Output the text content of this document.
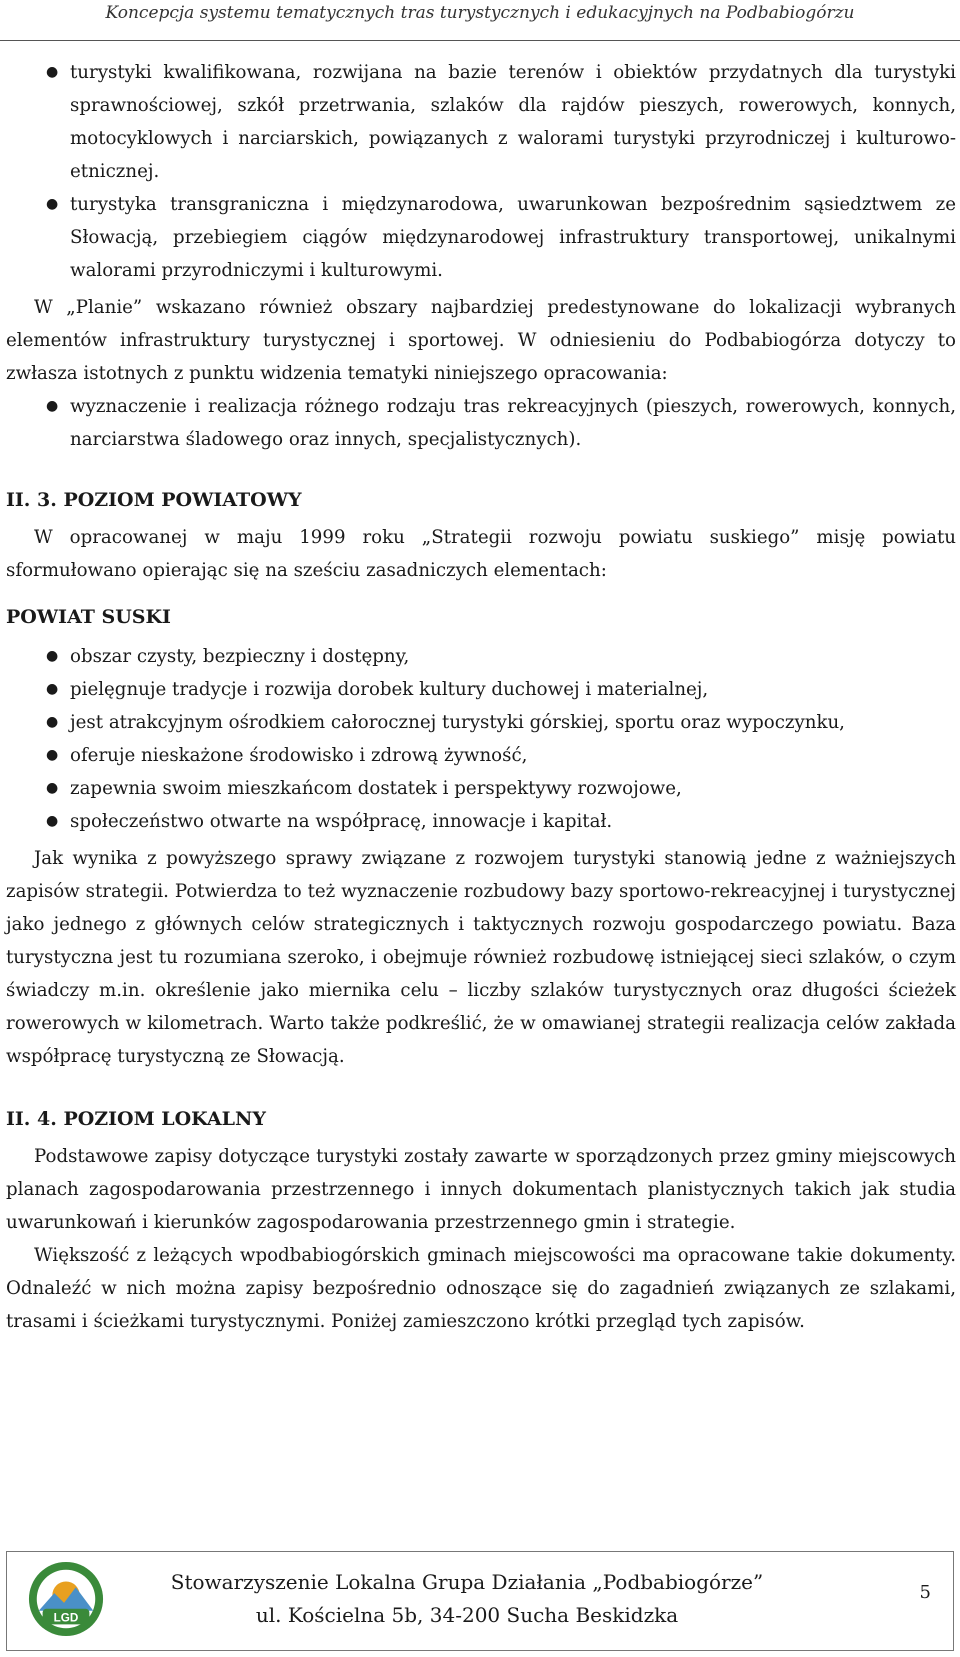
Koncepcja systemu tematycznych tras turystycznych i edukacyjnych na Podbabiogórzu
● turystyki kwalifikowana, rozwijana na bazie terenów i obiektów przydatnych dla turystyki sprawnościowej, szkół przetrwania, szlaków dla rajdów pieszych, rowerowych, konnych, motocyklowych i narciarskich, powiązanych z walorami turystyki przyrodniczej i kulturowo-etnicznej.
● turystyka transgraniczna i międzynarodowa, uwarunkowan bezpośrednim sąsiedztwem ze Słowacją, przebiegiem ciągów międzynarodowej infrastruktury transportowej, unikalnymi walorami przyrodniczymi i kulturowymi.

W „Planie” wskazano również obszary najbardziej predestynowane do lokalizacji wybranych elementów infrastruktury turystycznej i sportowej. W odniesieniu do Podbabiogórza dotyczy to zwłasza istotnych z punktu widzenia tematyki niniejszego opracowania:

● wyznaczenie i realizacja różnego rodzaju tras rekreacyjnych (pieszych, rowerowych, konnych, narciarstwa śladowego oraz innych, specjalistycznych).
II. 3. POZIOM POWIATOWY

W opracowanej w maju 1999 roku „Strategii rozwoju powiatu suskiego” misję powiatu sformułowano opierając się na sześciu zasadniczych elementach:

POWIAT SUSKI
● obszar czysty, bezpieczny i dostępny,
● pielęgnuje tradycje i rozwija dorobek kultury duchowej i materialnej,
● jest atrakcyjnym ośrodkiem całorocznej turystyki górskiej, sportu oraz wypoczynku,
● oferuje nieskażone środowisko i zdrową żywność,
● zapewnia swoim mieszkańcom dostatek i perspektywy rozwojowe,
● społeczeństwo otwarte na współpracę, innowacje i kapitał.

Jak wynika z powyższego sprawy związane z rozwojem turystyki stanowią jedne z ważniejszych zapisów strategii. Potwierdza to też wyznaczenie rozbudowy bazy sportowo-rekreacyjnej i turystycznej jako jednego z głównych celów strategicznych i taktycznych rozwoju gospodarczego powiatu. Baza turystyczna jest tu rozumiana szeroko, i obejmuje również rozbudowę istniejącej sieci szlaków, o czym świadczy m.in. określenie jako miernika celu – liczby szlaków turystycznych oraz długości ścieżek rowerowych w kilometrach. Warto także podkreślić, że w omawianej strategii realizacja celów zakłada współpracę turystyczną ze Słowacją.

II. 4. POZIOM LOKALNY

Podstawowe zapisy dotyczące turystyki zostały zawarte w sporządzonych przez gminy miejscowych planach zagospodarowania przestrzennego i innych dokumentach planistycznych takich jak studia uwarunkowań i kierunków zagospodarowania przestrzennego gmin i strategie.

Większość z leżących wpodbabiogórskich gminach miejscowości ma opracowane takie dokumenty. Odnaleźć w nich można zapisy bezpośrednio odnoszące się do zagadnień związanych ze szlakami, trasami i ścieżkami turystycznymi. Poniżej zamieszczono krótki przegląd tych zapisów.

LGD
Stowarzyszenie Lokalna Grupa Działania „Podbabiogórze”
ul. Kościelna 5b, 34-200 Sucha Beskidzka
5
